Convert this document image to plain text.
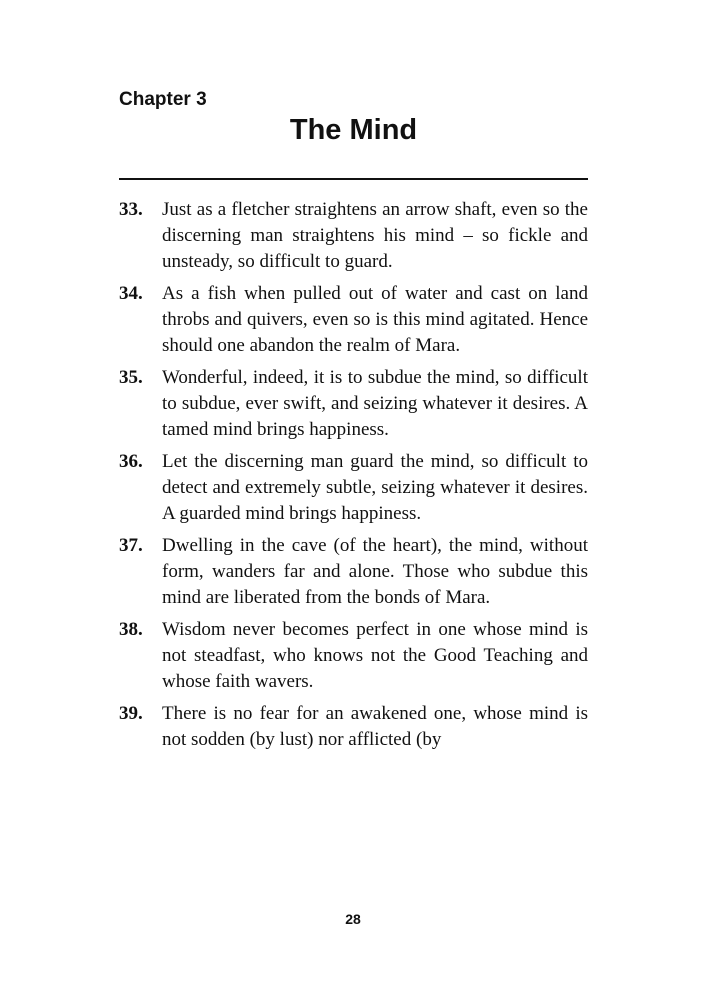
Chapter 3
The Mind
33. Just as a fletcher straightens an arrow shaft, even so the discerning man straightens his mind – so fickle and unsteady, so difficult to guard.
34. As a fish when pulled out of water and cast on land throbs and quivers, even so is this mind agitated. Hence should one abandon the realm of Mara.
35. Wonderful, indeed, it is to subdue the mind, so difficult to subdue, ever swift, and seizing whatever it desires. A tamed mind brings happiness.
36. Let the discerning man guard the mind, so difficult to detect and extremely subtle, seizing whatever it desires. A guarded mind brings happiness.
37. Dwelling in the cave (of the heart), the mind, without form, wanders far and alone. Those who subdue this mind are liberated from the bonds of Mara.
38. Wisdom never becomes perfect in one whose mind is not steadfast, who knows not the Good Teaching and whose faith wavers.
39. There is no fear for an awakened one, whose mind is not sodden (by lust) nor afflicted (by
28
